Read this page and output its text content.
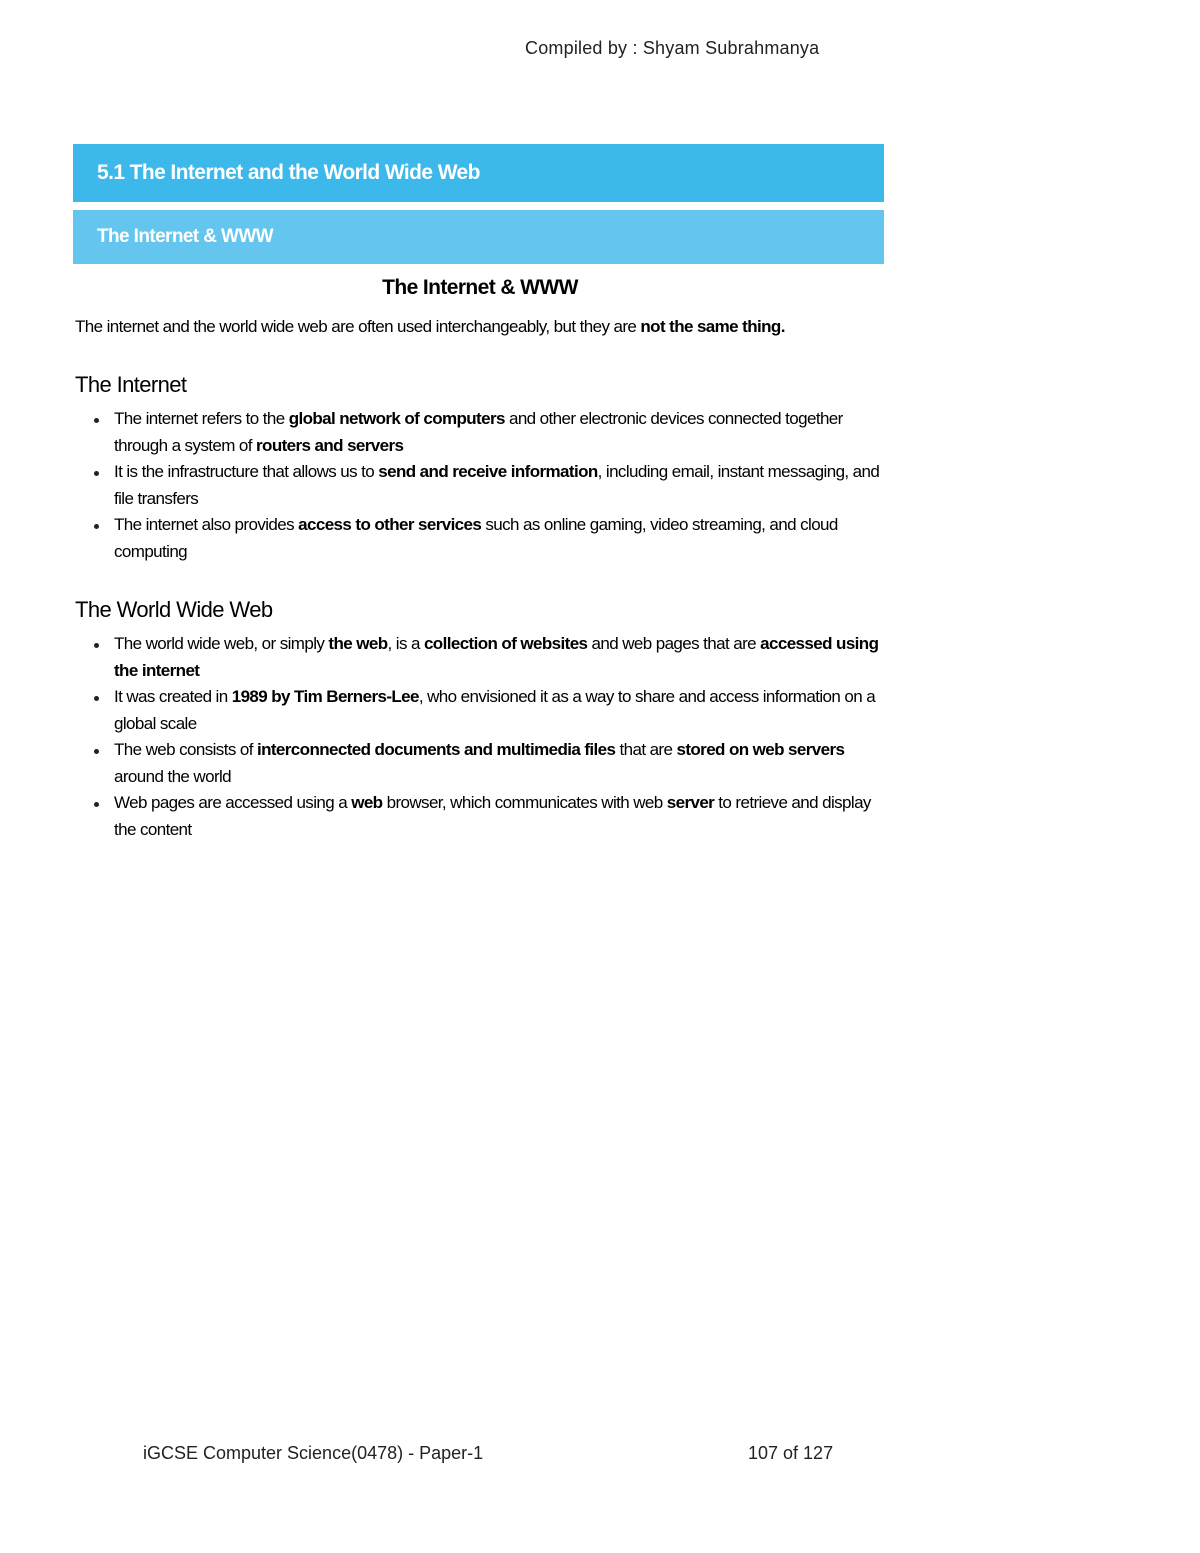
Compiled by : Shyam Subrahmanya
5.1 The Internet and the World Wide Web
The Internet & WWW
The Internet & WWW

The internet and the world wide web are often used interchangeably, but they are not the same thing.

The Internet
The internet refers to the global network of computers and other electronic devices connected together through a system of routers and servers
It is the infrastructure that allows us to send and receive information, including email, instant messaging, and file transfers
The internet also provides access to other services such as online gaming, video streaming, and cloud computing
The World Wide Web
The world wide web, or simply the web, is a collection of websites and web pages that are accessed using the internet
It was created in 1989 by Tim Berners-Lee, who envisioned it as a way to share and access information on a global scale
The web consists of interconnected documents and multimedia files that are stored on web servers around the world
Web pages are accessed using a web browser, which communicates with web server to retrieve and display the content
iGCSE Computer Science(0478) - Paper-1	107 of 127
